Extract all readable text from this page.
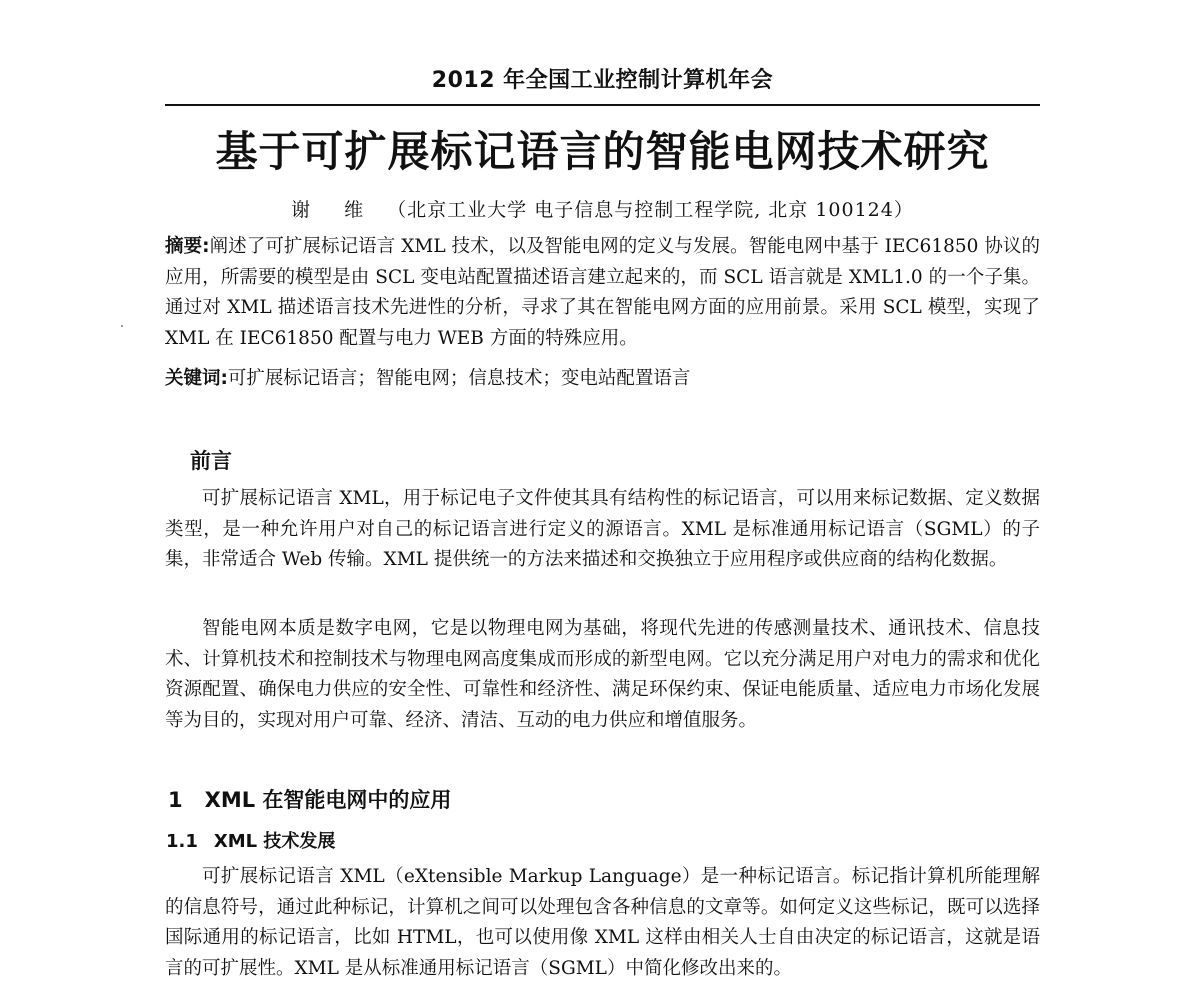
2012 年全国工业控制计算机年会
基于可扩展标记语言的智能电网技术研究
谢 维 （北京工业大学 电子信息与控制工程学院, 北京 100124）

摘要:阐述了可扩展标记语言 XML 技术，以及智能电网的定义与发展。智能电网中基于 IEC61850 协议的应用，所需要的模型是由 SCL 变电站配置描述语言建立起来的，而 SCL 语言就是 XML1.0 的一个子集。通过对 XML 描述语言技术先进性的分析，寻求了其在智能电网方面的应用前景。采用 SCL 模型，实现了 XML 在 IEC61850 配置与电力 WEB 方面的特殊应用。

关键词:可扩展标记语言；智能电网；信息技术；变电站配置语言

前言

可扩展标记语言 XML，用于标记电子文件使其具有结构性的标记语言，可以用来标记数据、定义数据类型，是一种允许用户对自己的标记语言进行定义的源语言。XML 是标准通用标记语言（SGML）的子集，非常适合 Web 传输。XML 提供统一的方法来描述和交换独立于应用程序或供应商的结构化数据。

智能电网本质是数字电网，它是以物理电网为基础，将现代先进的传感测量技术、通讯技术、信息技术、计算机技术和控制技术与物理电网高度集成而形成的新型电网。它以充分满足用户对电力的需求和优化资源配置、确保电力供应的安全性、可靠性和经济性、满足环保约束、保证电能质量、适应电力市场化发展等为目的，实现对用户可靠、经济、清洁、互动的电力供应和增值服务。

1 XML 在智能电网中的应用
1.1 XML 技术发展

可扩展标记语言 XML（eXtensible Markup Language）是一种标记语言。标记指计算机所能理解的信息符号，通过此种标记，计算机之间可以处理包含各种信息的文章等。如何定义这些标记，既可以选择国际通用的标记语言，比如 HTML，也可以使用像 XML 这样由相关人士自由决定的标记语言，这就是语言的可扩展性。XML 是从标准通用标记语言（SGML）中简化修改出来的。
